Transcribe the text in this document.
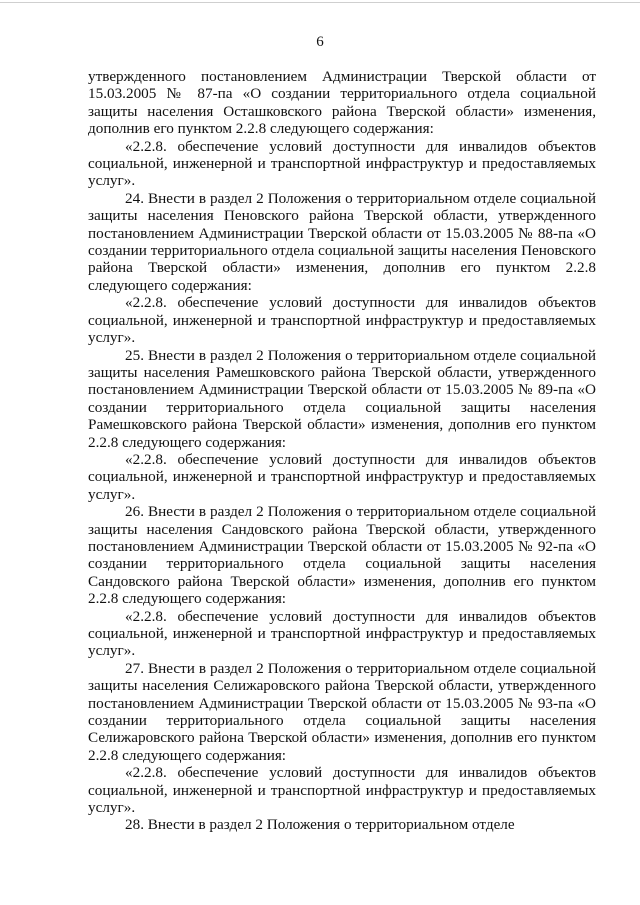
6

утвержденного постановлением Администрации Тверской области от 15.03.2005 № 87-па «О создании территориального отдела социальной защиты населения Осташковского района Тверской области» изменения, дополнив его пунктом 2.2.8 следующего содержания:

«2.2.8. обеспечение условий доступности для инвалидов объектов социальной, инженерной и транспортной инфраструктур и предоставляемых услуг».

24. Внести в раздел 2 Положения о территориальном отделе социальной защиты населения Пеновского района Тверской области, утвержденного постановлением Администрации Тверской области от 15.03.2005 № 88-па «О создании территориального отдела социальной защиты населения Пеновского района Тверской области» изменения, дополнив его пунктом 2.2.8 следующего содержания:

«2.2.8. обеспечение условий доступности для инвалидов объектов социальной, инженерной и транспортной инфраструктур и предоставляемых услуг».

25. Внести в раздел 2 Положения о территориальном отделе социальной защиты населения Рамешковского района Тверской области, утвержденного постановлением Администрации Тверской области от 15.03.2005 № 89-па «О создании территориального отдела социальной защиты населения Рамешковского района Тверской области» изменения, дополнив его пунктом 2.2.8 следующего содержания:

«2.2.8. обеспечение условий доступности для инвалидов объектов социальной, инженерной и транспортной инфраструктур и предоставляемых услуг».

26. Внести в раздел 2 Положения о территориальном отделе социальной защиты населения Сандовского района Тверской области, утвержденного постановлением Администрации Тверской области от 15.03.2005 № 92-па «О создании территориального отдела социальной защиты населения Сандовского района Тверской области» изменения, дополнив его пунктом 2.2.8 следующего содержания:

«2.2.8. обеспечение условий доступности для инвалидов объектов социальной, инженерной и транспортной инфраструктур и предоставляемых услуг».

27. Внести в раздел 2 Положения о территориальном отделе социальной защиты населения Селижаровского района Тверской области, утвержденного постановлением Администрации Тверской области от 15.03.2005 № 93-па «О создании территориального отдела социальной защиты населения Селижаровского района Тверской области» изменения, дополнив его пунктом 2.2.8 следующего содержания:

«2.2.8. обеспечение условий доступности для инвалидов объектов социальной, инженерной и транспортной инфраструктур и предоставляемых услуг».

28. Внести в раздел 2 Положения о территориальном отделе
